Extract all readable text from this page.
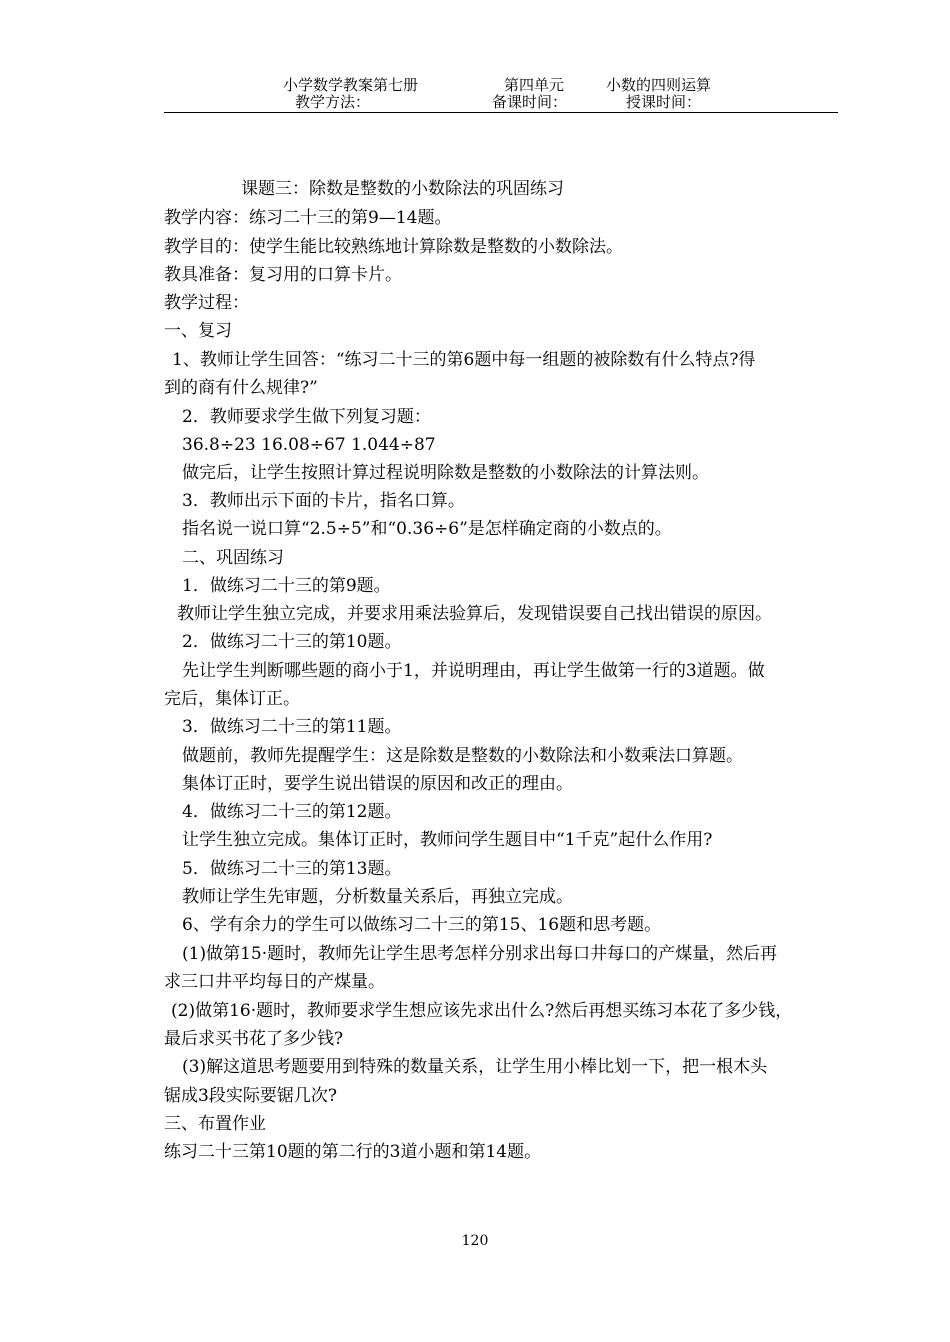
小学数学教案第七册	第四单元	小数的四则运算
教学方法：	备课时间：	授课时间：
课题三：除数是整数的小数除法的巩固练习
教学内容：练习二十三的第9—14题。
教学目的：使学生能比较熟练地计算除数是整数的小数除法。
教具准备：复习用的口算卡片。
教学过程：
一、复习
1、教师让学生回答：“练习二十三的第6题中每一组题的被除数有什么特点?得
到的商有什么规律?”
2．教师要求学生做下列复习题：
36.8÷23 16.08÷67 1.044÷87
做完后，让学生按照计算过程说明除数是整数的小数除法的计算法则。
3．教师出示下面的卡片，指名口算。
指名说一说口算“2.5÷5”和“0.36÷6”是怎样确定商的小数点的。
二、巩固练习
1．做练习二十三的第9题。
教师让学生独立完成，并要求用乘法验算后，发现错误要自己找出错误的原因。
2．做练习二十三的第10题。
先让学生判断哪些题的商小于1，并说明理由，再让学生做第一行的3道题。做
完后，集体订正。
3．做练习二十三的第11题。
做题前，教师先提醒学生：这是除数是整数的小数除法和小数乘法口算题。
集体订正时，要学生说出错误的原因和改正的理由。
4．做练习二十三的第12题。
让学生独立完成。集体订正时，教师问学生题目中“1千克”起什么作用?
5．做练习二十三的第13题。
教师让学生先审题，分析数量关系后，再独立完成。
6、学有余力的学生可以做练习二十三的第15、16题和思考题。
(1)做第15·题时，教师先让学生思考怎样分别求出每口井每口的产煤量，然后再
求三口井平均每日的产煤量。
(2)做第16·题时，教师要求学生想应该先求出什么?然后再想买练习本花了多少钱，
最后求买书花了多少钱?
(3)解这道思考题要用到特殊的数量关系，让学生用小棒比划一下，把一根木头
锯成3段实际要锯几次?
三、布置作业
练习二十三第10题的第二行的3道小题和第14题。
120
